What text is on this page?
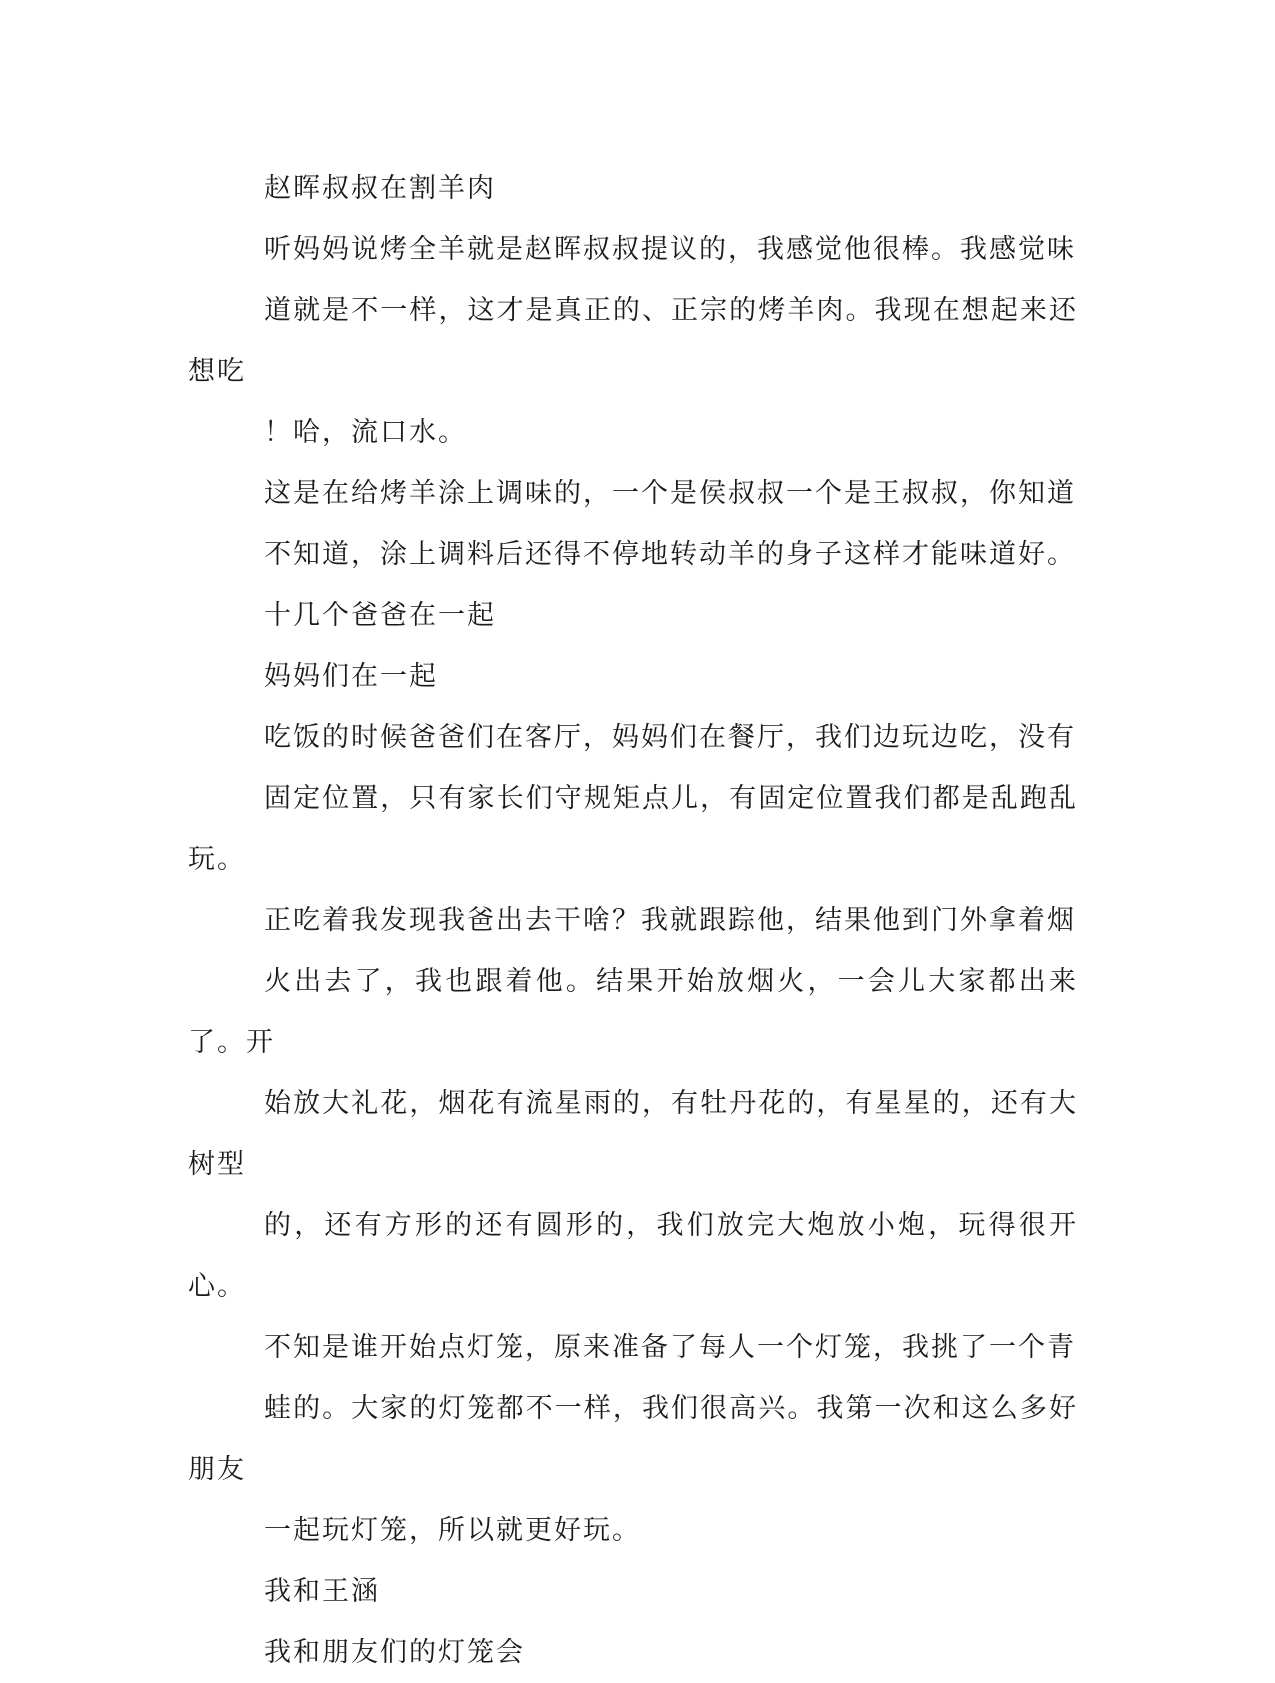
赵晖叔叔在割羊肉

听妈妈说烤全羊就是赵晖叔叔提议的，我感觉他很棒。我感觉味
道就是不一样，这才是真正的、正宗的烤羊肉。我现在想起来还想吃
！哈，流口水。

这是在给烤羊涂上调味的，一个是侯叔叔一个是王叔叔，你知道
不知道，涂上调料后还得不停地转动羊的身子这样才能味道好。

十几个爸爸在一起

妈妈们在一起

吃饭的时候爸爸们在客厅，妈妈们在餐厅，我们边玩边吃，没有
固定位置，只有家长们守规矩点儿，有固定位置我们都是乱跑乱玩。

正吃着我发现我爸出去干啥？我就跟踪他，结果他到门外拿着烟
火出去了，我也跟着他。结果开始放烟火，一会儿大家都出来了。开
始放大礼花，烟花有流星雨的，有牡丹花的，有星星的，还有大树型
的，还有方形的还有圆形的，我们放完大炮放小炮，玩得很开心。

不知是谁开始点灯笼，原来准备了每人一个灯笼，我挑了一个青
蛙的。大家的灯笼都不一样，我们很高兴。我第一次和这么多好朋友
一起玩灯笼，所以就更好玩。

我和王涵

我和朋友们的灯笼会
